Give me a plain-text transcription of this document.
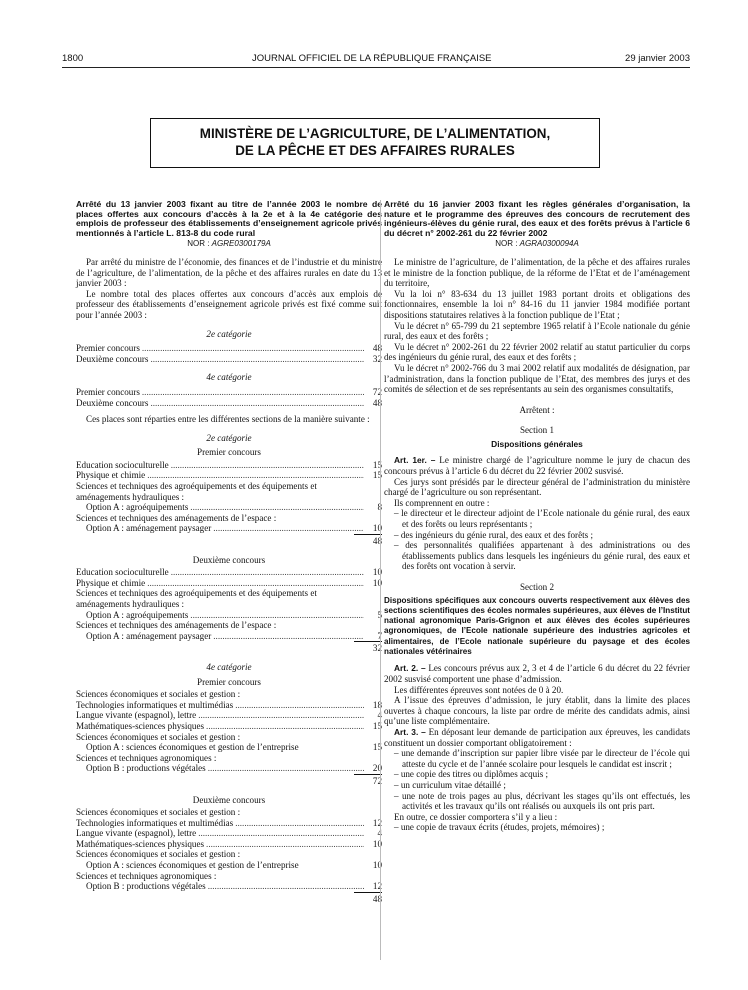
1800	JOURNAL OFFICIEL DE LA RÉPUBLIQUE FRANÇAISE	29 janvier 2003
MINISTÈRE DE L’AGRICULTURE, DE L’ALIMENTATION,
DE LA PÊCHE ET DES AFFAIRES RURALES
Arrêté du 13 janvier 2003 fixant au titre de l’année 2003 le nombre de places offertes aux concours d’accès à la 2e et à la 4e catégorie des emplois de professeur des établissements d’enseignement agricole privés mentionnés à l’article L. 813-8 du code rural
NOR : AGRE0300179A

Par arrêté du ministre de l’économie, des finances et de l’industrie et du ministre de l’agriculture, de l’alimentation, de la pêche et des affaires rurales en date du 13 janvier 2003 :

Le nombre total des places offertes aux concours d’accès aux emplois de professeur des établissements d’enseignement agricole privés est fixé comme suit pour l’année 2003 :

2e catégorie
Premier concours .....	48
Deuxième concours .....	32
4e catégorie
Premier concours .....	72
Deuxième concours .....	48

Ces places sont réparties entre les différentes sections de la manière suivante :

2e catégorie
Premier concours
Education socioculturelle .....	15
Physique et chimie .....	15
Sciences et techniques des agroéquipements et des équipements et aménagements hydrauliques :
Option A : agroéquipements .....	8
Sciences et techniques des aménagements de l’espace :
Option A : aménagement paysager .....	10
48
Deuxième concours
Education socioculturelle .....	10
Physique et chimie .....	10
Sciences et techniques des agroéquipements et des équipements et aménagements hydrauliques :
Option A : agroéquipements .....	5
Sciences et techniques des aménagements de l’espace :
Option A : aménagement paysager .....	7
32
4e catégorie
Premier concours
Sciences économiques et sociales et gestion :
Technologies informatiques et multimédias .....	18
Langue vivante (espagnol), lettre .....	4
Mathématiques-sciences physiques .....	15
Sciences économiques et sociales et gestion :
Option A : sciences économiques et gestion de l’entreprise	15
Sciences et techniques agronomiques :
Option B : productions végétales .....	20
72
Deuxième concours
Sciences économiques et sociales et gestion :
Technologies informatiques et multimédias .....	12
Langue vivante (espagnol), lettre .....	4
Mathématiques-sciences physiques .....	10
Sciences économiques et sociales et gestion :
Option A : sciences économiques et gestion de l’entreprise	10
Sciences et techniques agronomiques :
Option B : productions végétales .....	12
48
Arrêté du 16 janvier 2003 fixant les règles générales d’organisation, la nature et le programme des épreuves des concours de recrutement des ingénieurs-élèves du génie rural, des eaux et des forêts prévus à l’article 6 du décret n° 2002-261 du 22 février 2002
NOR : AGRA0300094A

Le ministre de l’agriculture, de l’alimentation, de la pêche et des affaires rurales et le ministre de la fonction publique, de la réforme de l’Etat et de l’aménagement du territoire,

Vu la loi n° 83-634 du 13 juillet 1983 portant droits et obligations des fonctionnaires, ensemble la loi n° 84-16 du 11 janvier 1984 modifiée portant dispositions statutaires relatives à la fonction publique de l’Etat ;

Vu le décret n° 65-799 du 21 septembre 1965 relatif à l’Ecole nationale du génie rural, des eaux et des forêts ;

Vu le décret n° 2002-261 du 22 février 2002 relatif au statut particulier du corps des ingénieurs du génie rural, des eaux et des forêts ;

Vu le décret n° 2002-766 du 3 mai 2002 relatif aux modalités de désignation, par l’administration, dans la fonction publique de l’Etat, des membres des jurys et des comités de sélection et de ses représentants au sein des organismes consultatifs,

Arrêtent :

Section 1
Dispositions générales

Art. 1er. – Le ministre chargé de l’agriculture nomme le jury de chacun des concours prévus à l’article 6 du décret du 22 février 2002 susvisé.

Ces jurys sont présidés par le directeur général de l’administration du ministère chargé de l’agriculture ou son représentant.

Ils comprennent en outre :

– le directeur et le directeur adjoint de l’Ecole nationale du génie rural, des eaux et des forêts ou leurs représentants ;
– des ingénieurs du génie rural, des eaux et des forêts ;
– des personnalités qualifiées appartenant à des administrations ou des établissements publics dans lesquels les ingénieurs du génie rural, des eaux et des forêts ont vocation à servir.
Section 2
Dispositions spécifiques aux concours ouverts respectivement aux élèves des sections scientifiques des écoles normales supérieures, aux élèves de l’Institut national agronomique Paris-Grignon et aux élèves des écoles supérieures agronomiques, de l’Ecole nationale supérieure des industries agricoles et alimentaires, de l’Ecole nationale supérieure du paysage et des écoles nationales vétérinaires

Art. 2. – Les concours prévus aux 2, 3 et 4 de l’article 6 du décret du 22 février 2002 susvisé comportent une phase d’admission.

Les différentes épreuves sont notées de 0 à 20.

A l’issue des épreuves d’admission, le jury établit, dans la limite des places ouvertes à chaque concours, la liste par ordre de mérite des candidats admis, ainsi qu’une liste complémentaire.

Art. 3. – En déposant leur demande de participation aux épreuves, les candidats constituent un dossier comportant obligatoirement :

– une demande d’inscription sur papier libre visée par le directeur de l’école qui atteste du cycle et de l’année scolaire pour lesquels le candidat est inscrit ;
– une copie des titres ou diplômes acquis ;
– un curriculum vitae détaillé ;
– une note de trois pages au plus, décrivant les stages qu’ils ont effectués, les activités et les travaux qu’ils ont réalisés ou auxquels ils ont pris part.

En outre, ce dossier comportera s’il y a lieu :

– une copie de travaux écrits (études, projets, mémoires) ;
